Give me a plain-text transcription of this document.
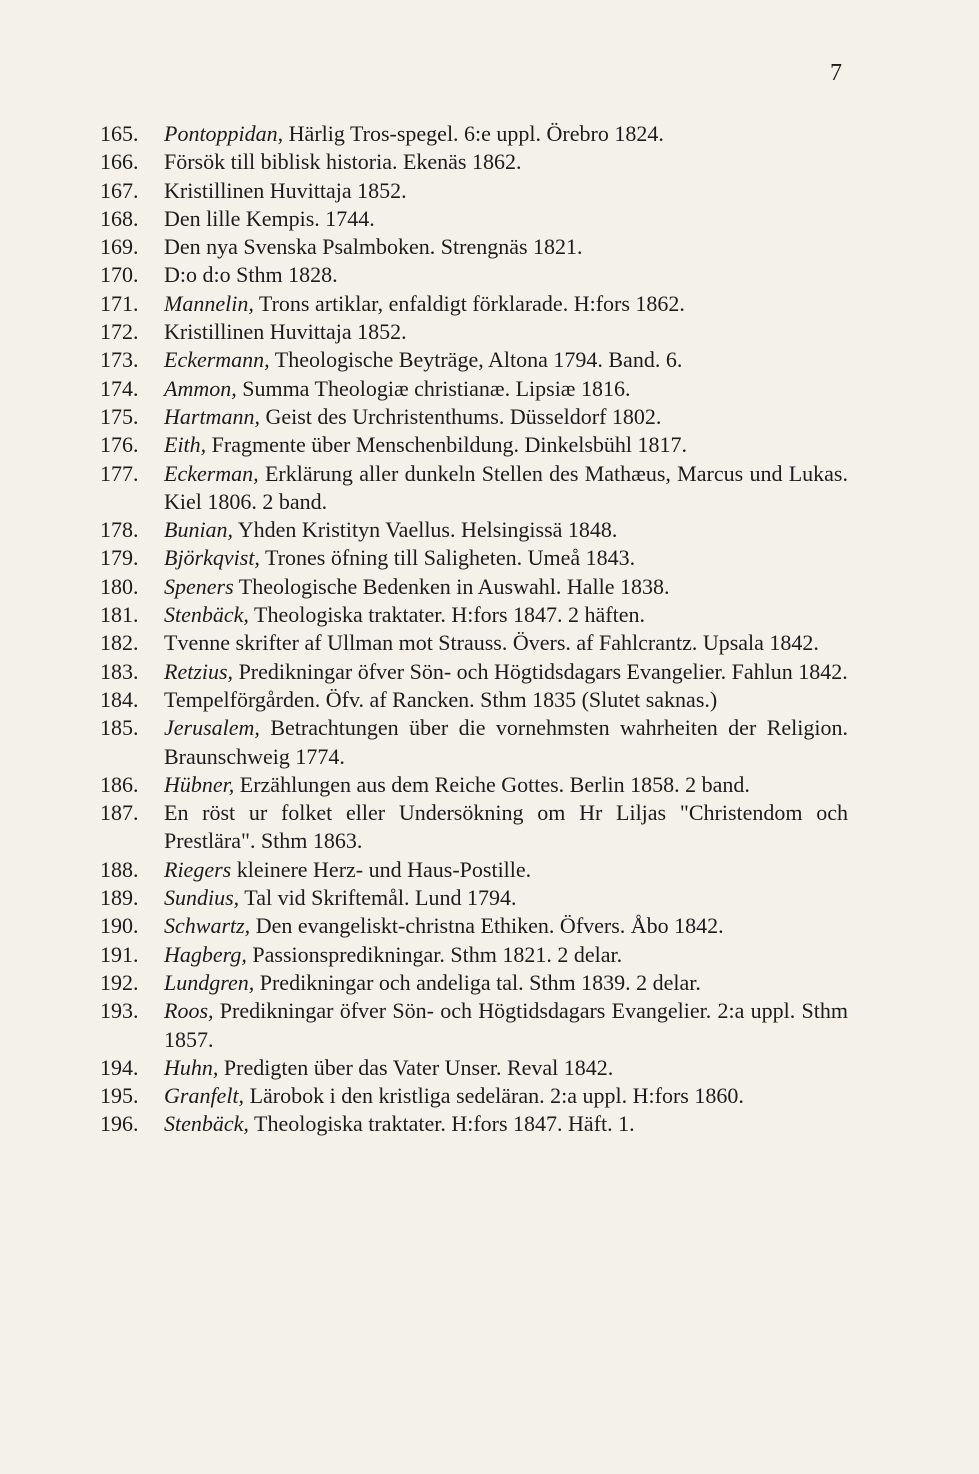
7
165.	Pontoppidan, Härlig Tros-spegel. 6:e uppl. Örebro 1824.
166.	Försök till biblisk historia. Ekenäs 1862.
167.	Kristillinen Huvittaja 1852.
168.	Den lille Kempis. 1744.
169.	Den nya Svenska Psalmboken. Strengnäs 1821.
170.	D:o d:o Sthm 1828.
171.	Mannelin, Trons artiklar, enfaldigt förklarade. H:fors 1862.
172.	Kristillinen Huvittaja 1852.
173.	Eckermann, Theologische Beyträge, Altona 1794. Band. 6.
174.	Ammon, Summa Theologiæ christianæ. Lipsiæ 1816.
175.	Hartmann, Geist des Urchristenthums. Düsseldorf 1802.
176.	Eith, Fragmente über Menschenbildung. Dinkelsbühl 1817.
177.	Eckerman, Erklärung aller dunkeln Stellen des Mathæus, Marcus und Lukas. Kiel 1806. 2 band.
178.	Bunian, Yhden Kristityn Vaellus. Helsingissä 1848.
179.	Björkqvist, Trones öfning till Saligheten. Umeå 1843.
180.	Speners Theologische Bedenken in Auswahl. Halle 1838.
181.	Stenbäck, Theologiska traktater. H:fors 1847. 2 häften.
182.	Tvenne skrifter af Ullman mot Strauss. Övers. af Fahlcrantz. Upsala 1842.
183.	Retzius, Predikningar öfver Sön- och Högtidsdagars Evangelier. Fahlun 1842.
184.	Tempelförgården. Öfv. af Rancken. Sthm 1835 (Slutet saknas.)
185.	Jerusalem, Betrachtungen über die vornehmsten wahrheiten der Religion. Braunschweig 1774.
186.	Hübner, Erzählungen aus dem Reiche Gottes. Berlin 1858. 2 band.
187.	En röst ur folket eller Undersökning om Hr Liljas "Christendom och Prestlära". Sthm 1863.
188.	Riegers kleinere Herz- und Haus-Postille.
189.	Sundius, Tal vid Skriftemål. Lund 1794.
190.	Schwartz, Den evangeliskt-christna Ethiken. Öfvers. Åbo 1842.
191.	Hagberg, Passionspredikningar. Sthm 1821. 2 delar.
192.	Lundgren, Predikningar och andeliga tal. Sthm 1839. 2 delar.
193.	Roos, Predikningar öfver Sön- och Högtidsdagars Evangelier. 2:a uppl. Sthm 1857.
194.	Huhn, Predigten über das Vater Unser. Reval 1842.
195.	Granfelt, Lärobok i den kristliga sedeläran. 2:a uppl. H:fors 1860.
196.	Stenbäck, Theologiska traktater. H:fors 1847. Häft. 1.
